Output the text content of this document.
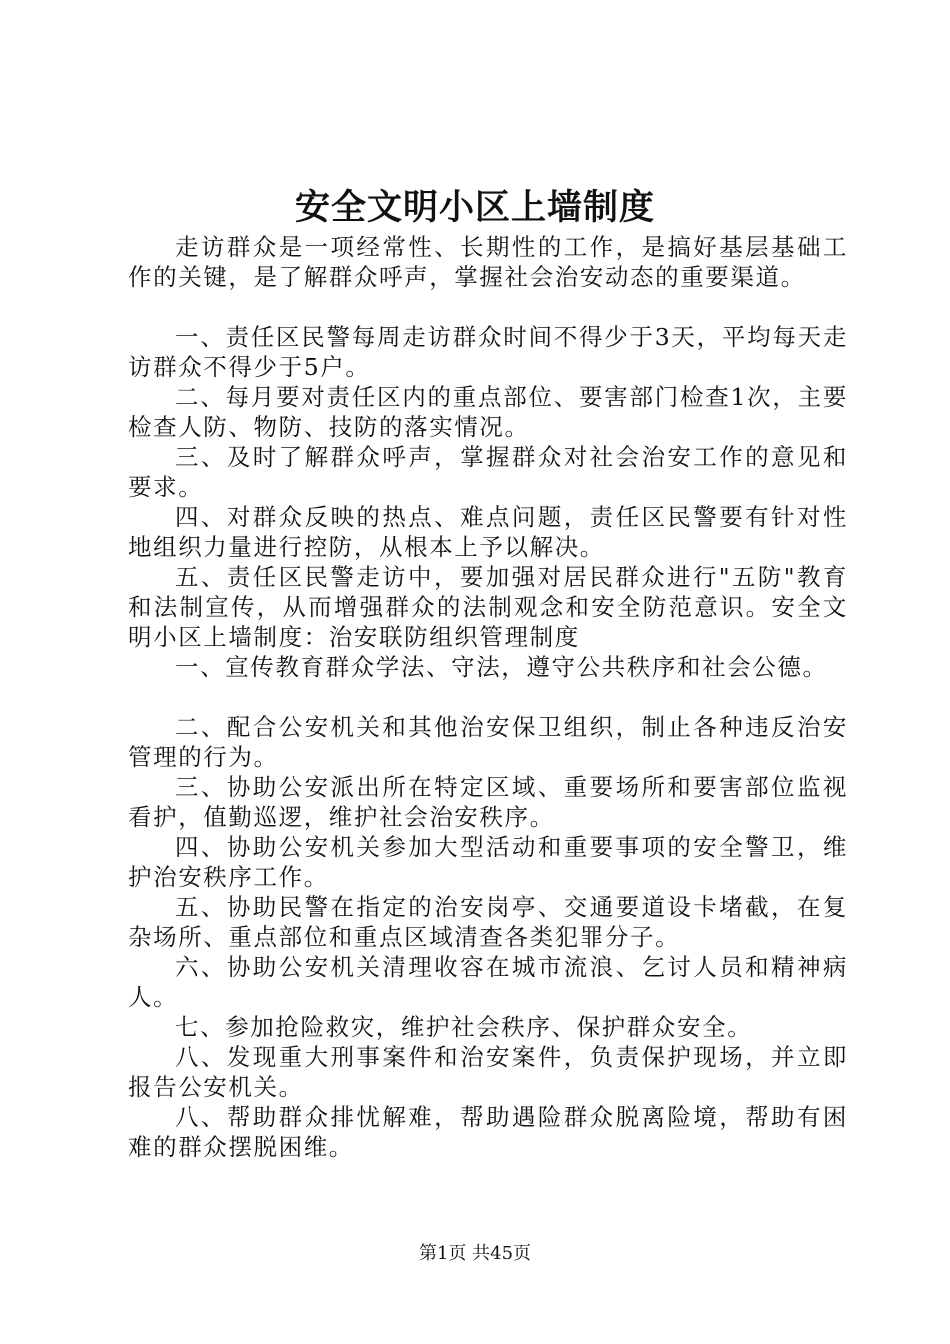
安全文明小区上墙制度

走访群众是一项经常性、长期性的工作，是搞好基层基础工作的关键，是了解群众呼声，掌握社会治安动态的重要渠道。

一、责任区民警每周走访群众时间不得少于3天，平均每天走访群众不得少于5户。

二、每月要对责任区内的重点部位、要害部门检查1次，主要检查人防、物防、技防的落实情况。

三、及时了解群众呼声，掌握群众对社会治安工作的意见和要求。

四、对群众反映的热点、难点问题，责任区民警要有针对性地组织力量进行控防，从根本上予以解决。

五、责任区民警走访中，要加强对居民群众进行"五防"教育和法制宣传，从而增强群众的法制观念和安全防范意识。安全文明小区上墙制度：治安联防组织管理制度

一、宣传教育群众学法、守法，遵守公共秩序和社会公德。

二、配合公安机关和其他治安保卫组织，制止各种违反治安管理的行为。

三、协助公安派出所在特定区域、重要场所和要害部位监视看护，值勤巡逻，维护社会治安秩序。

四、协助公安机关参加大型活动和重要事项的安全警卫，维护治安秩序工作。

五、协助民警在指定的治安岗亭、交通要道设卡堵截，在复杂场所、重点部位和重点区域清查各类犯罪分子。

六、协助公安机关清理收容在城市流浪、乞讨人员和精神病人。

七、参加抢险救灾，维护社会秩序、保护群众安全。

八、发现重大刑事案件和治安案件，负责保护现场，并立即报告公安机关。

八、帮助群众排忧解难，帮助遇险群众脱离险境，帮助有困难的群众摆脱困维。

第1页 共45页
